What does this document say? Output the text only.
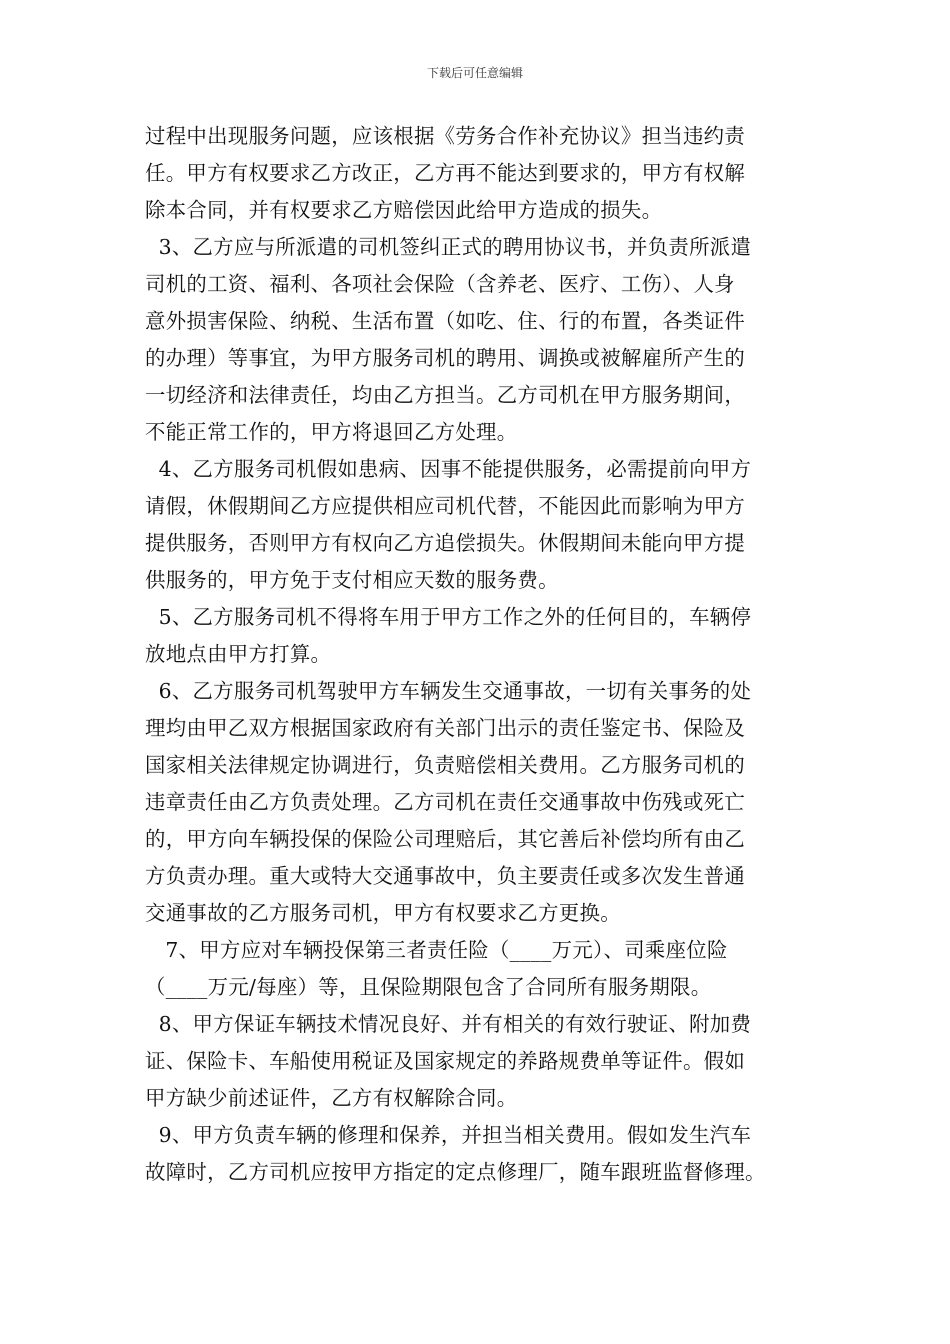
下载后可任意编辑
过程中出现服务问题，应该根据《劳务合作补充协议》担当违约责
任。甲方有权要求乙方改正，乙方再不能达到要求的，甲方有权解
除本合同，并有权要求乙方赔偿因此给甲方造成的损失。
3、乙方应与所派遣的司机签纠正式的聘用协议书，并负责所派遣
司机的工资、福利、各项社会保险（含养老、医疗、工伤）、人身
意外损害保险、纳税、生活布置（如吃、住、行的布置，各类证件
的办理）等事宜，为甲方服务司机的聘用、调换或被解雇所产生的
一切经济和法律责任，均由乙方担当。乙方司机在甲方服务期间，
不能正常工作的，甲方将退回乙方处理。
4、乙方服务司机假如患病、因事不能提供服务，必需提前向甲方
请假，休假期间乙方应提供相应司机代替，不能因此而影响为甲方
提供服务，否则甲方有权向乙方追偿损失。休假期间未能向甲方提
供服务的，甲方免于支付相应天数的服务费。
5、乙方服务司机不得将车用于甲方工作之外的任何目的，车辆停
放地点由甲方打算。
6、乙方服务司机驾驶甲方车辆发生交通事故，一切有关事务的处
理均由甲乙双方根据国家政府有关部门出示的责任鉴定书、保险及
国家相关法律规定协调进行，负责赔偿相关费用。乙方服务司机的
违章责任由乙方负责处理。乙方司机在责任交通事故中伤残或死亡
的，甲方向车辆投保的保险公司理赔后，其它善后补偿均所有由乙
方负责办理。重大或特大交通事故中，负主要责任或多次发生普通
交通事故的乙方服务司机，甲方有权要求乙方更换。
7、甲方应对车辆投保第三者责任险（____万元）、司乘座位险
（____万元/每座）等，且保险期限包含了合同所有服务期限。
8、甲方保证车辆技术情况良好、并有相关的有效行驶证、附加费
证、保险卡、车船使用税证及国家规定的养路规费单等证件。假如
甲方缺少前述证件，乙方有权解除合同。
9、甲方负责车辆的修理和保养，并担当相关费用。假如发生汽车
故障时，乙方司机应按甲方指定的定点修理厂，随车跟班监督修理。
